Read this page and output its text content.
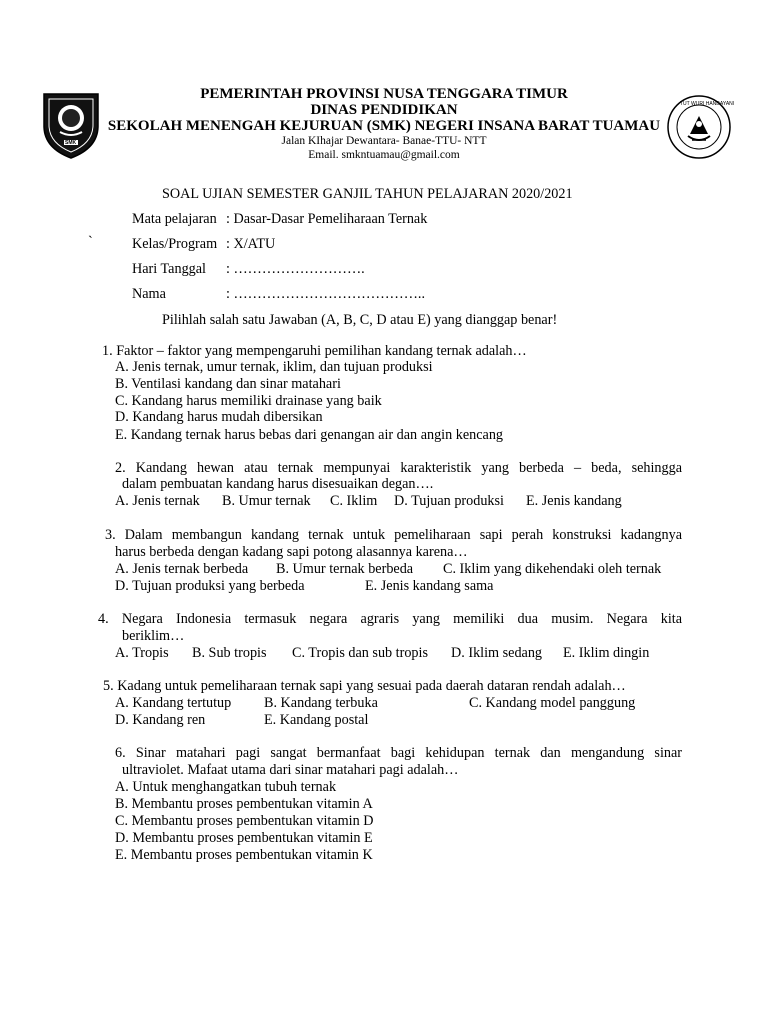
SMK
TUT WURI HANDAYANI
PEMERINTAH PROVINSI NUSA TENGGARA TIMUR
DINAS PENDIDIKAN
SEKOLAH MENENGAH KEJURUAN (SMK) NEGERI INSANA BARAT TUAMAU
Jalan KIhajar Dewantara- Banae-TTU- NTT
Email. smkntuamau@gmail.com
SOAL UJIAN SEMESTER GANJIL TAHUN PELAJARAN 2020/2021
`
Mata pelajaran : Dasar-Dasar Pemeliharaan Ternak
Kelas/Program : X/ATU
Hari Tanggal : ……………………….
Nama	: …………………………………..
Pilihlah salah satu Jawaban (A, B, C, D atau E) yang dianggap benar!
1. Faktor – faktor yang mempengaruhi pemilihan kandang ternak adalah…
A. Jenis ternak, umur ternak, iklim, dan tujuan produksi
B. Ventilasi kandang dan sinar matahari
C. Kandang harus memiliki drainase yang baik
D. Kandang harus mudah dibersikan
E. Kandang ternak harus bebas dari genangan air dan angin kencang
2. Kandang hewan atau ternak mempunyai karakteristik yang berbeda – beda, sehingga
dalam pembuatan kandang harus disesuaikan degan….
A. Jenis ternak B. Umur ternak C. Iklim D. Tujuan produksi E. Jenis kandang
3. Dalam membangun kandang ternak untuk pemeliharaan sapi perah konstruksi kadangnya
harus berbeda dengan kadang sapi potong alasannya karena…
A. Jenis ternak berbeda B. Umur ternak berbeda C. Iklim yang dikehendaki oleh ternak
D. Tujuan produksi yang berbeda	E. Jenis kandang sama
4. Negara Indonesia termasuk negara agraris yang memiliki dua musim. Negara kita
beriklim…
A. Tropis B. Sub tropis C. Tropis dan sub tropis D. Iklim sedang E. Iklim dingin
5. Kadang untuk pemeliharaan ternak sapi yang sesuai pada daerah dataran rendah adalah…
A. Kandang tertutup B. Kandang terbuka	C. Kandang model panggung
D. Kandang ren	E. Kandang postal
6. Sinar matahari pagi sangat bermanfaat bagi kehidupan ternak dan mengandung sinar
ultraviolet. Mafaat utama dari sinar matahari pagi adalah…
A. Untuk menghangatkan tubuh ternak
B. Membantu proses pembentukan vitamin A
C. Membantu proses pembentukan vitamin D
D. Membantu proses pembentukan vitamin E
E. Membantu proses pembentukan vitamin K
